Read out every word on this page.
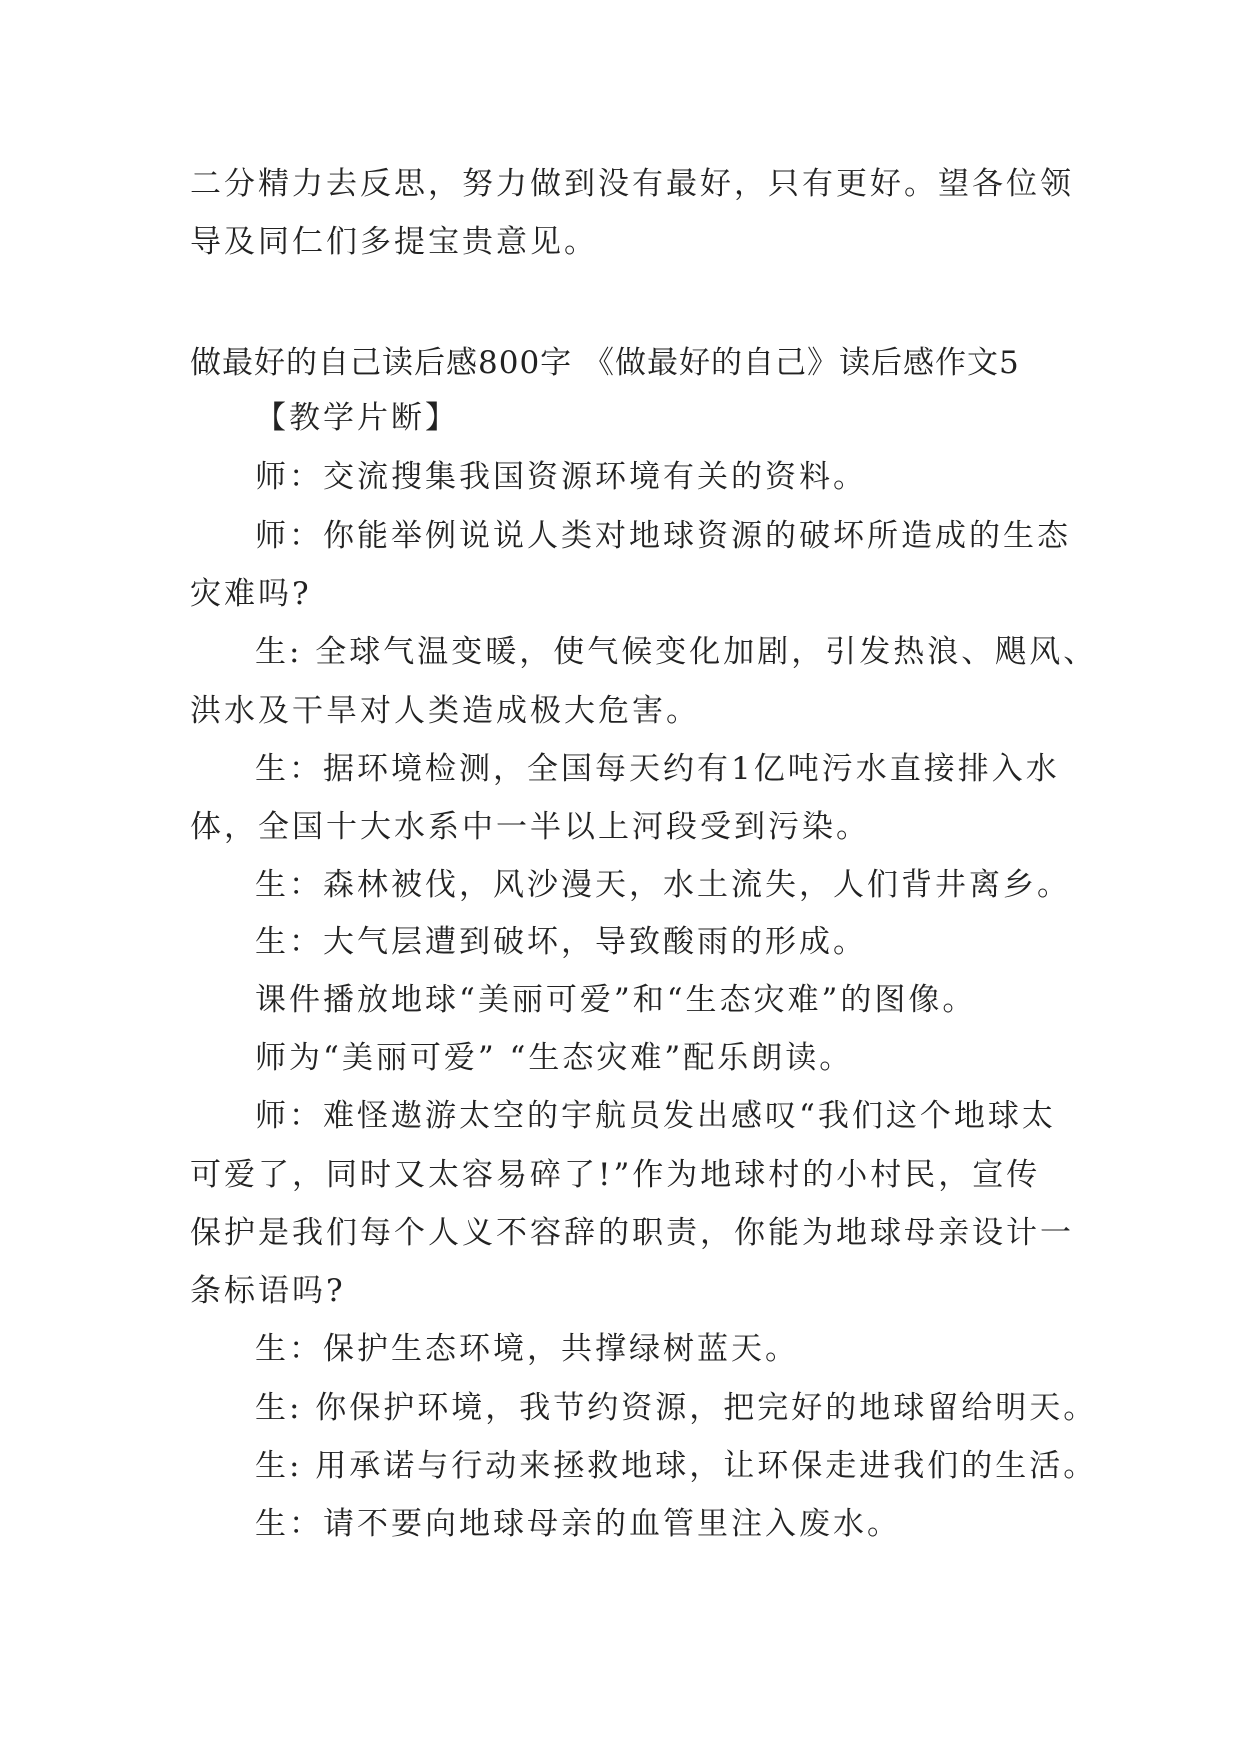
二分精力去反思，努力做到没有最好，只有更好。望各位领
导及同仁们多提宝贵意见。
做最好的自己读后感800字 《做最好的自己》读后感作文5
【教学片断】
师：交流搜集我国资源环境有关的资料。
师：你能举例说说人类对地球资源的破坏所造成的生态
灾难吗?
生: 全球气温变暖，使气候变化加剧，引发热浪、飓风、
洪水及干旱对人类造成极大危害。
生：据环境检测，全国每天约有1亿吨污水直接排入水
体，全国十大水系中一半以上河段受到污染。
生：森林被伐，风沙漫天，水土流失，人们背井离乡。
生：大气层遭到破坏，导致酸雨的形成。
课件播放地球“美丽可爱”和“生态灾难”的图像。
师为“美丽可爱” “生态灾难”配乐朗读。
师：难怪遨游太空的宇航员发出感叹“我们这个地球太
可爱了，同时又太容易碎了!”作为地球村的小村民，宣传
保护是我们每个人义不容辞的职责，你能为地球母亲设计一
条标语吗?
生：保护生态环境，共撑绿树蓝天。
生: 你保护环境，我节约资源，把完好的地球留给明天。
生: 用承诺与行动来拯救地球，让环保走进我们的生活。
生：请不要向地球母亲的血管里注入废水。
